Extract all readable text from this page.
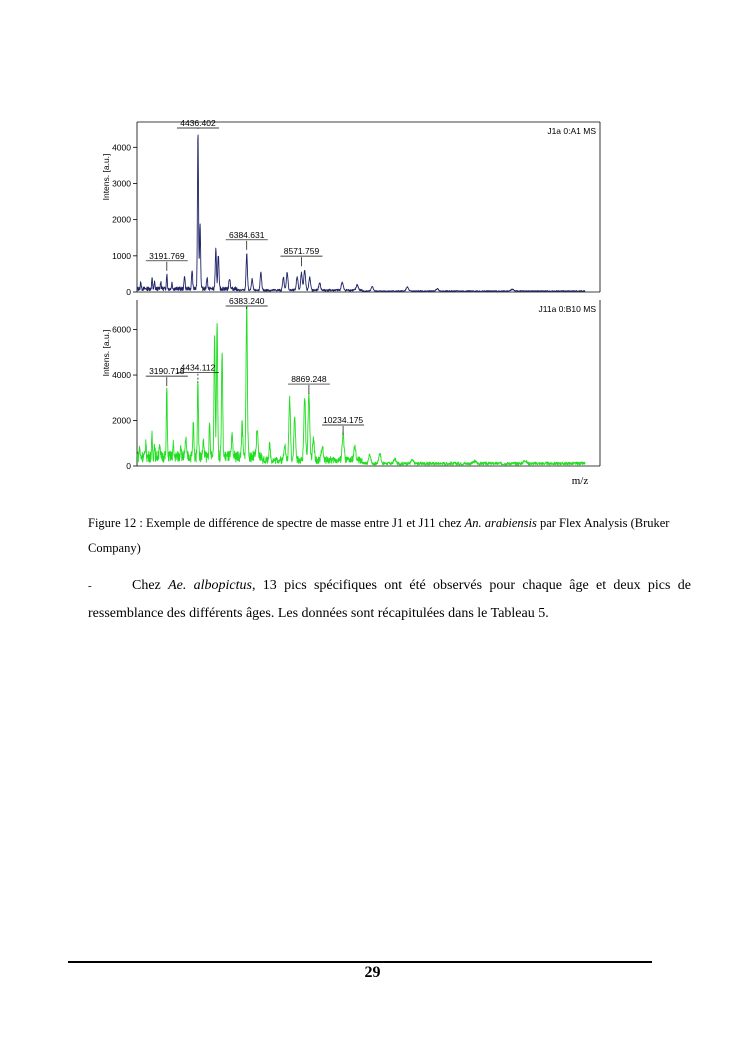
0
1000
2000
3000
4000
Intens. [a.u.]
J1a 0:A1 MS
4436.402
3191.769
6384.631
8571.759
0
2000
4000
6000
Intens. [a.u.]
J11a 0:B10 MS
6383.240
4434.112
3190.718
8869.248
10234.175
m/z
Figure 12 : Exemple de différence de spectre de masse entre J1 et J11 chez An. arabiensis par Flex Analysis (Bruker Company)
-	Chez Ae. albopictus, 13 pics spécifiques ont été observés pour chaque âge et deux pics de ressemblance des différents âges. Les données sont récapitulées dans le Tableau 5.
29
